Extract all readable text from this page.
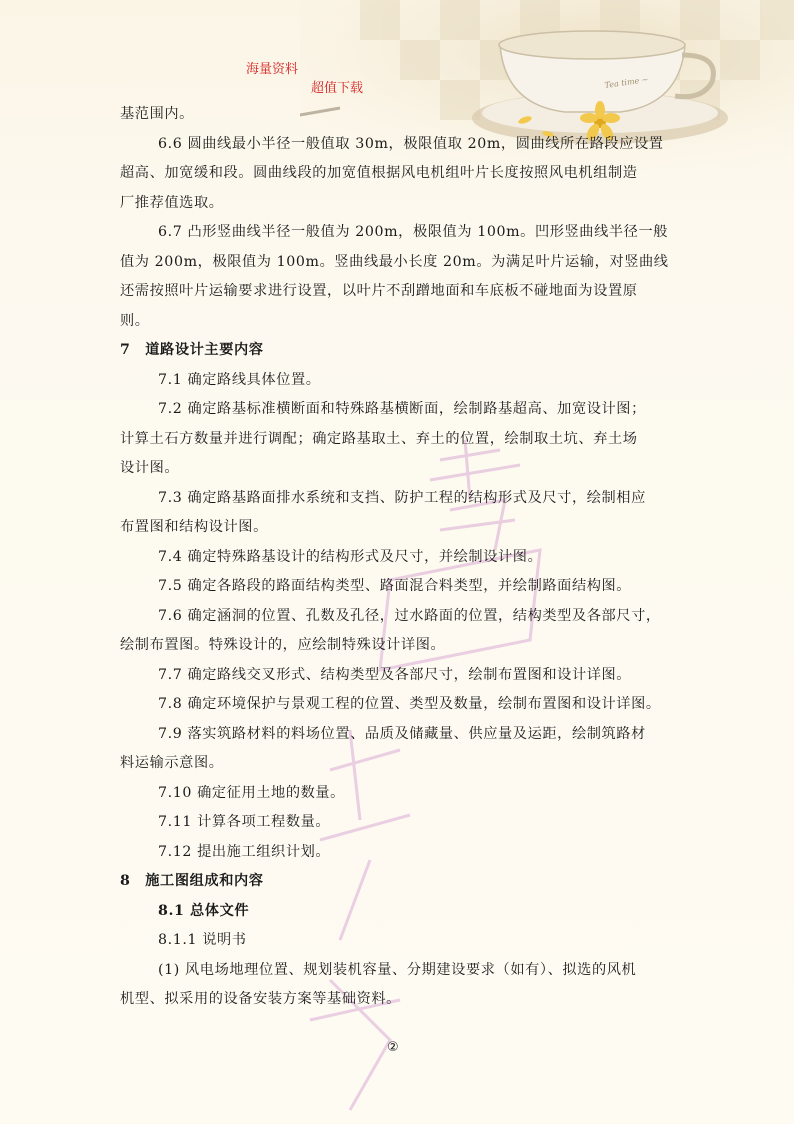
Tea time ~
海量资料
超值下载
基范围内。
6.6 圆曲线最小半径一般值取 30m，极限值取 20m，圆曲线所在路段应设置
超高、加宽缓和段。圆曲线段的加宽值根据风电机组叶片长度按照风电机组制造
厂推荐值选取。
6.7 凸形竖曲线半径一般值为 200m，极限值为 100m。凹形竖曲线半径一般
值为 200m，极限值为 100m。竖曲线最小长度 20m。为满足叶片运输，对竖曲线
还需按照叶片运输要求进行设置，以叶片不刮蹭地面和车底板不碰地面为设置原
则。
7　道路设计主要内容
7.1 确定路线具体位置。
7.2 确定路基标准横断面和特殊路基横断面，绘制路基超高、加宽设计图；
计算土石方数量并进行调配；确定路基取土、弃土的位置，绘制取土坑、弃土场
设计图。
7.3 确定路基路面排水系统和支挡、防护工程的结构形式及尺寸，绘制相应
布置图和结构设计图。
7.4 确定特殊路基设计的结构形式及尺寸，并绘制设计图。
7.5 确定各路段的路面结构类型、路面混合料类型，并绘制路面结构图。
7.6 确定涵洞的位置、孔数及孔径，过水路面的位置，结构类型及各部尺寸，
绘制布置图。特殊设计的，应绘制特殊设计详图。
7.7 确定路线交叉形式、结构类型及各部尺寸，绘制布置图和设计详图。
7.8 确定环境保护与景观工程的位置、类型及数量，绘制布置图和设计详图。
7.9 落实筑路材料的料场位置、品质及储藏量、供应量及运距，绘制筑路材
料运输示意图。
7.10 确定征用土地的数量。
7.11 计算各项工程数量。
7.12 提出施工组织计划。
8　施工图组成和内容
8.1 总体文件
8.1.1 说明书
(1) 风电场地理位置、规划装机容量、分期建设要求（如有）、拟选的风机
机型、拟采用的设备安装方案等基础资料。
②
